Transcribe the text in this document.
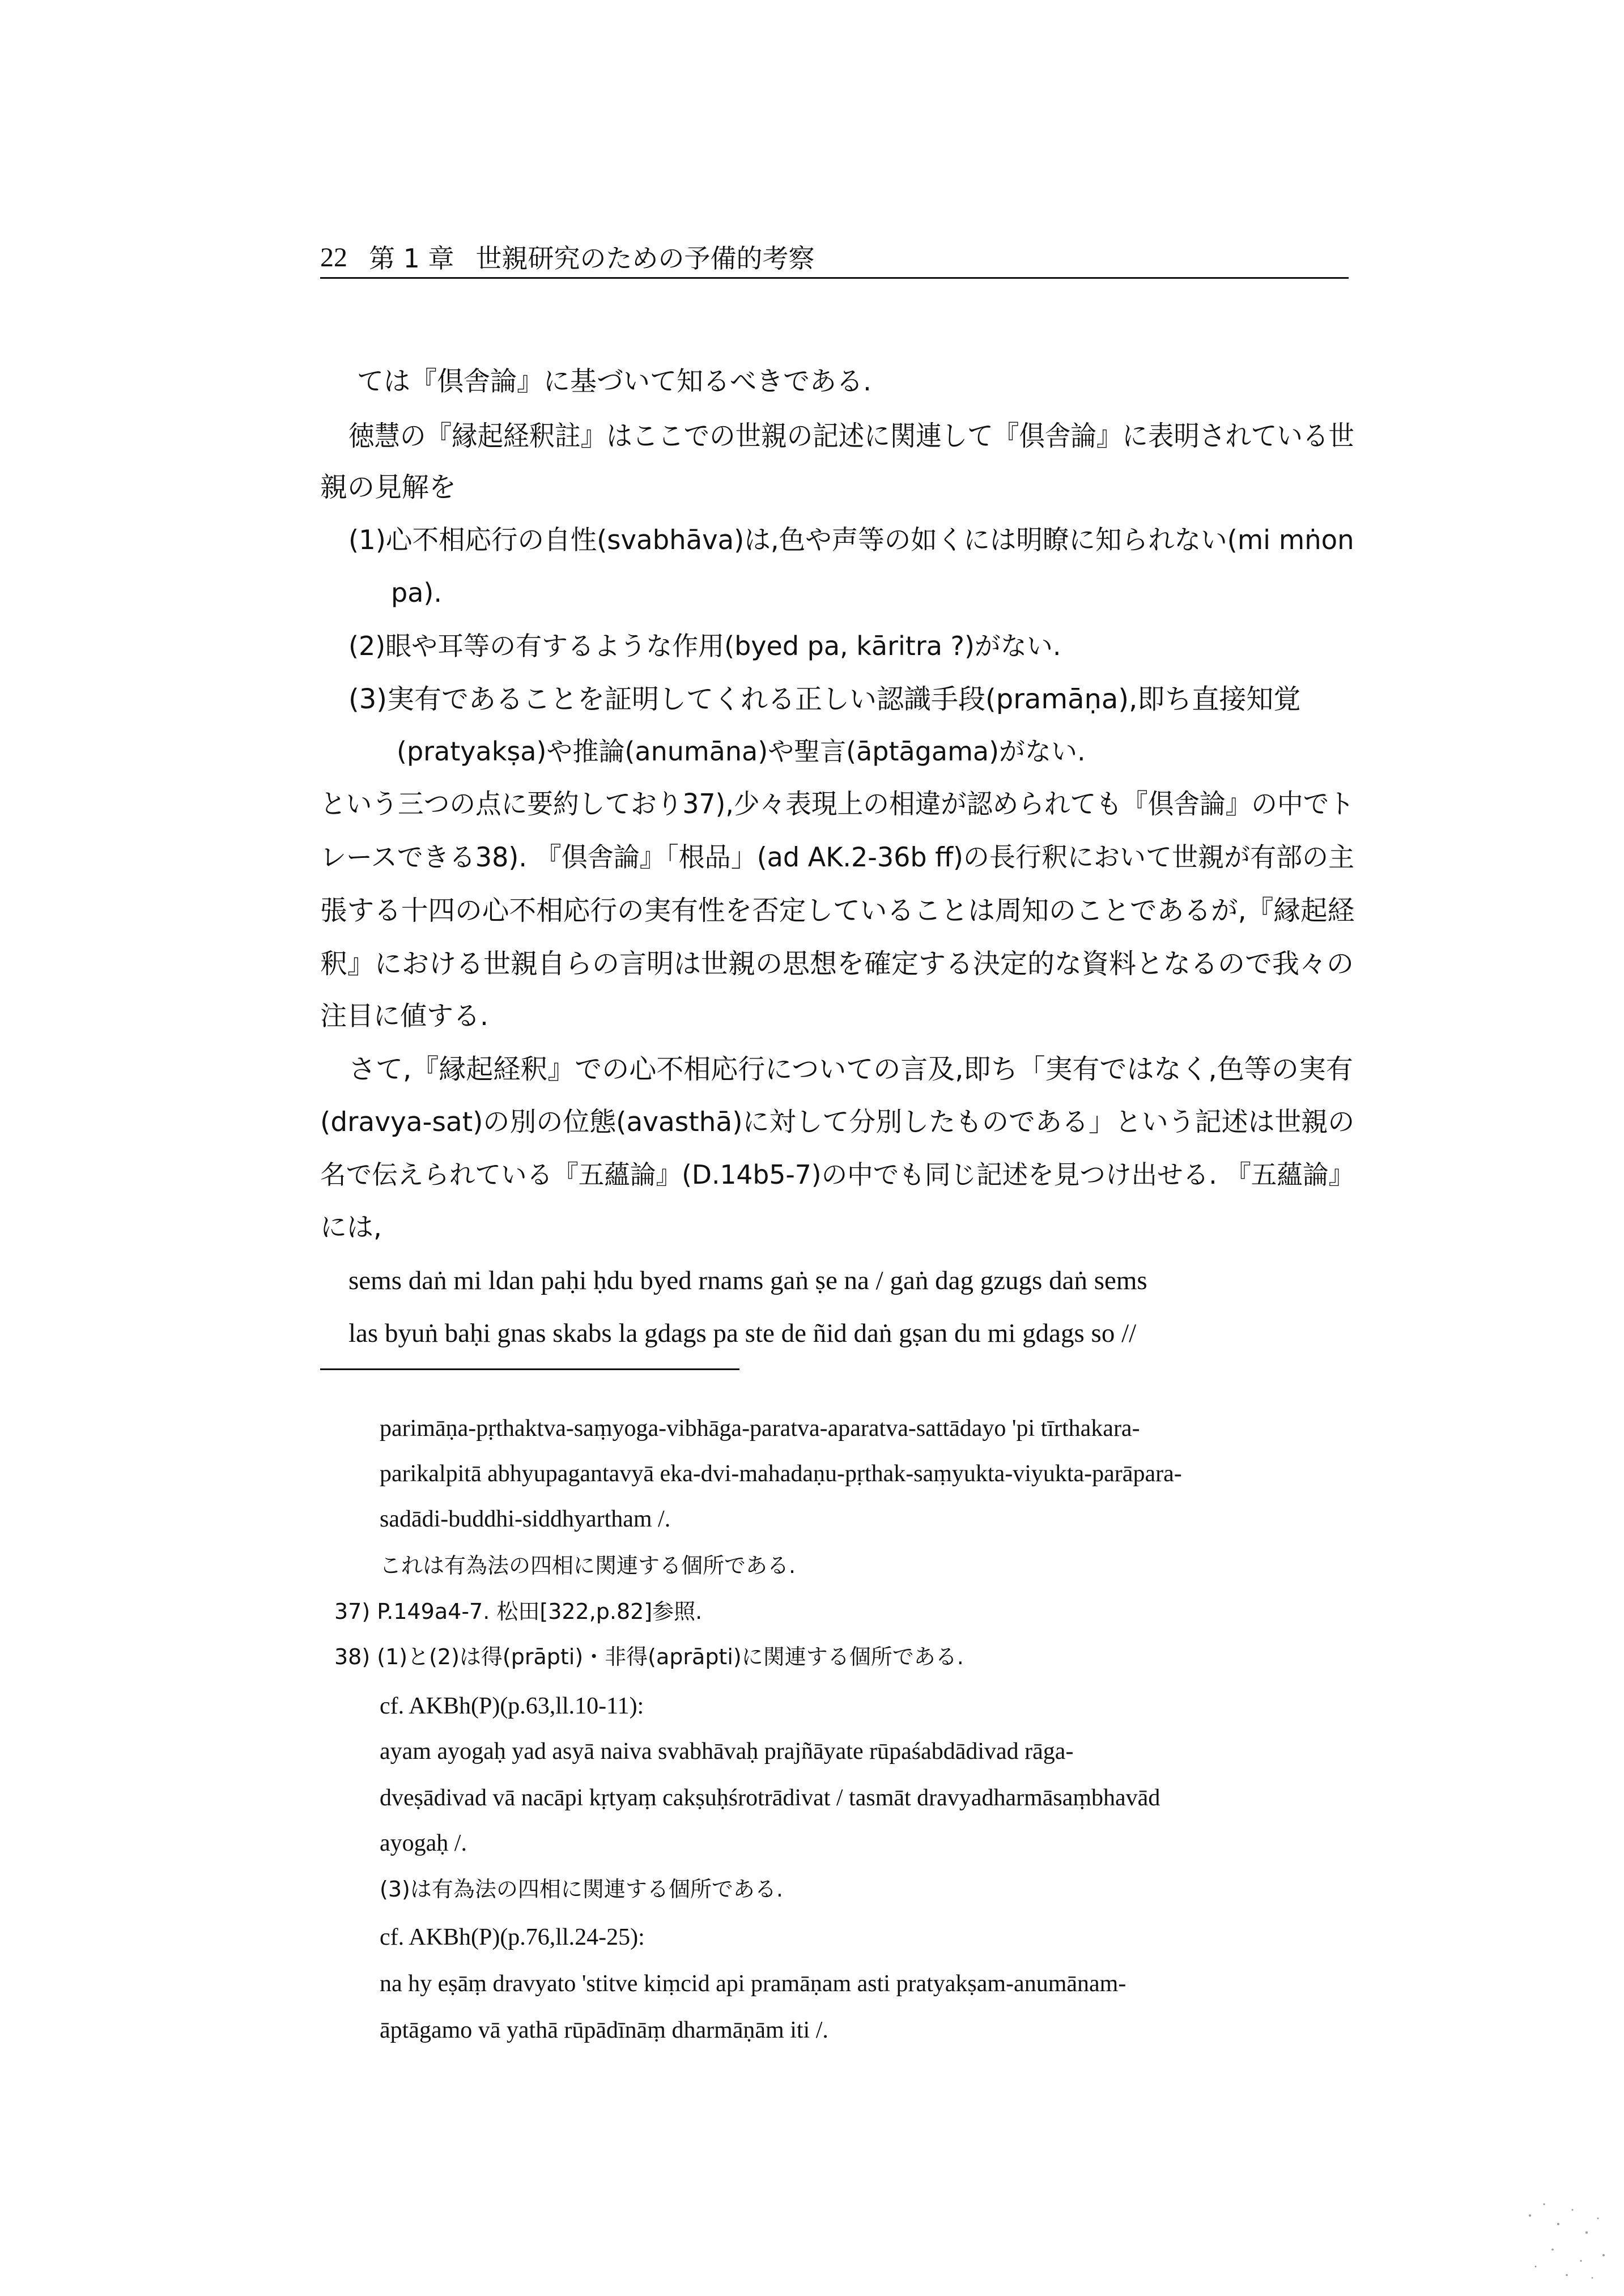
22 第 1 章 世親研究のための予備的考察
ては『倶舎論』に基づいて知るべきである.
徳慧の『縁起経釈註』はここでの世親の記述に関連して『倶舎論』に表明されている世
親の見解を
(1)心不相応行の自性(svabhāva)は,色や声等の如くには明瞭に知られない(mi mṅon
pa).
(2)眼や耳等の有するような作用(byed pa, kāritra ?)がない.
(3)実有であることを証明してくれる正しい認識手段(pramāṇa),即ち直接知覚
(pratyakṣa)や推論(anumāna)や聖言(āptāgama)がない.
という三つの点に要約しており37),少々表現上の相違が認められても『倶舎論』の中でト
レースできる38). 『倶舎論』「根品」(ad AK.2-36b ff)の長行釈において世親が有部の主
張する十四の心不相応行の実有性を否定していることは周知のことであるが,『縁起経
釈』における世親自らの言明は世親の思想を確定する決定的な資料となるので我々の
注目に値する.
さて,『縁起経釈』での心不相応行についての言及,即ち「実有ではなく,色等の実有
(dravya-sat)の別の位態(avasthā)に対して分別したものである」という記述は世親の
名で伝えられている『五蘊論』(D.14b5-7)の中でも同じ記述を見つけ出せる. 『五蘊論』
には,
sems daṅ mi ldan paḥi ḥdu byed rnams gaṅ ṣe na / gaṅ dag gzugs daṅ sems
las byuṅ baḥi gnas skabs la gdags pa ste de ñid daṅ gṣan du mi gdags so //
parimāṇa-pṛthaktva-saṃyoga-vibhāga-paratva-aparatva-sattādayo 'pi tīrthakara-
parikalpitā abhyupagantavyā eka-dvi-mahadaṇu-pṛthak-saṃyukta-viyukta-parāpara-
sadādi-buddhi-siddhyartham /.
これは有為法の四相に関連する個所である.
37) P.149a4-7. 松田[322,p.82]参照.
38) (1)と(2)は得(prāpti)・非得(aprāpti)に関連する個所である.
cf. AKBh(P)(p.63,ll.10-11):
ayam ayogaḥ yad asyā naiva svabhāvaḥ prajñāyate rūpaśabdādivad rāga-
dveṣādivad vā nacāpi kṛtyaṃ cakṣuḥśrotrādivat / tasmāt dravyadharmāsaṃbhavād
ayogaḥ /.
(3)は有為法の四相に関連する個所である.
cf. AKBh(P)(p.76,ll.24-25):
na hy eṣāṃ dravyato 'stitve kiṃcid api pramāṇam asti pratyakṣam-anumānam-
āptāgamo vā yathā rūpādīnāṃ dharmāṇām iti /.
